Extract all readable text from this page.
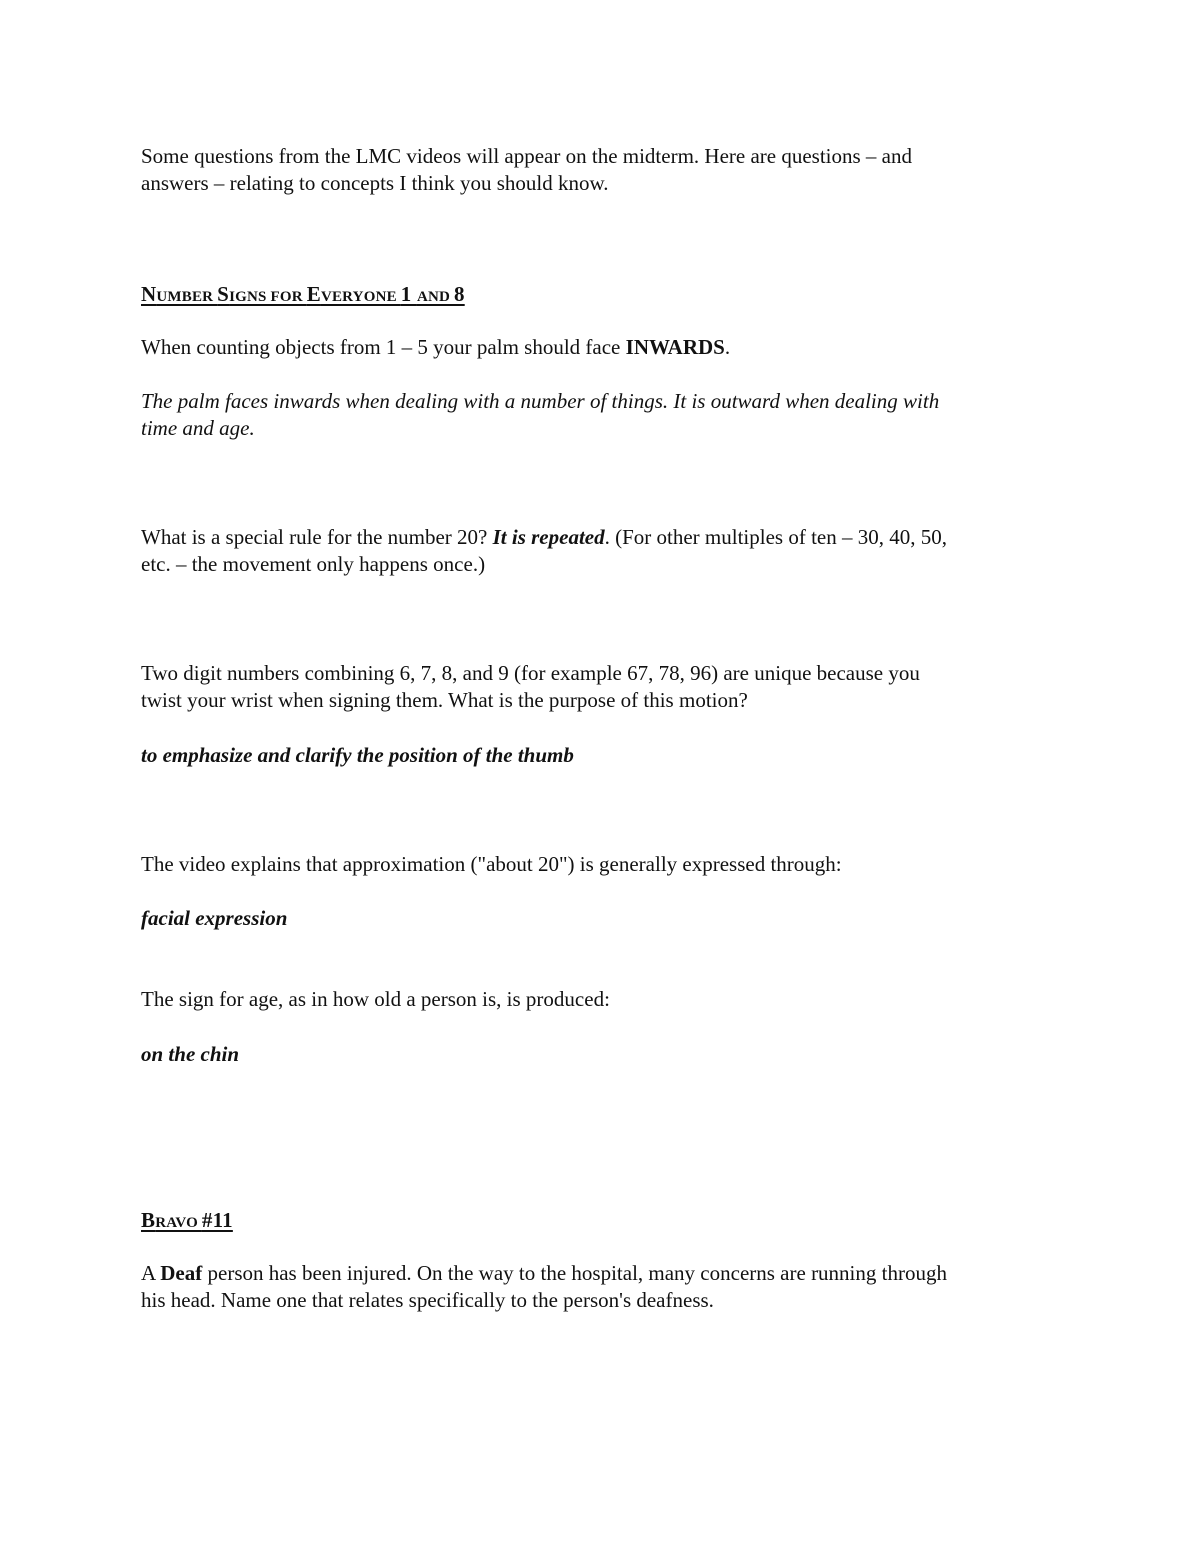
Some questions from the LMC videos will appear on the midterm. Here are questions – and
answers – relating to concepts I think you should know.

NUMBER SIGNS FOR EVERYONE 1 AND 8

When counting objects from 1 – 5 your palm should face INWARDS.

The palm faces inwards when dealing with a number of things. It is outward when dealing with
time and age.

What is a special rule for the number 20? It is repeated. (For other multiples of ten – 30, 40, 50,
etc. – the movement only happens once.)

Two digit numbers combining 6, 7, 8, and 9 (for example 67, 78, 96) are unique because you
twist your wrist when signing them. What is the purpose of this motion?

to emphasize and clarify the position of the thumb

The video explains that approximation ("about 20") is generally expressed through:

facial expression

The sign for age, as in how old a person is, is produced:

on the chin

BRAVO #11

A Deaf person has been injured. On the way to the hospital, many concerns are running through
his head. Name one that relates specifically to the person's deafness.
